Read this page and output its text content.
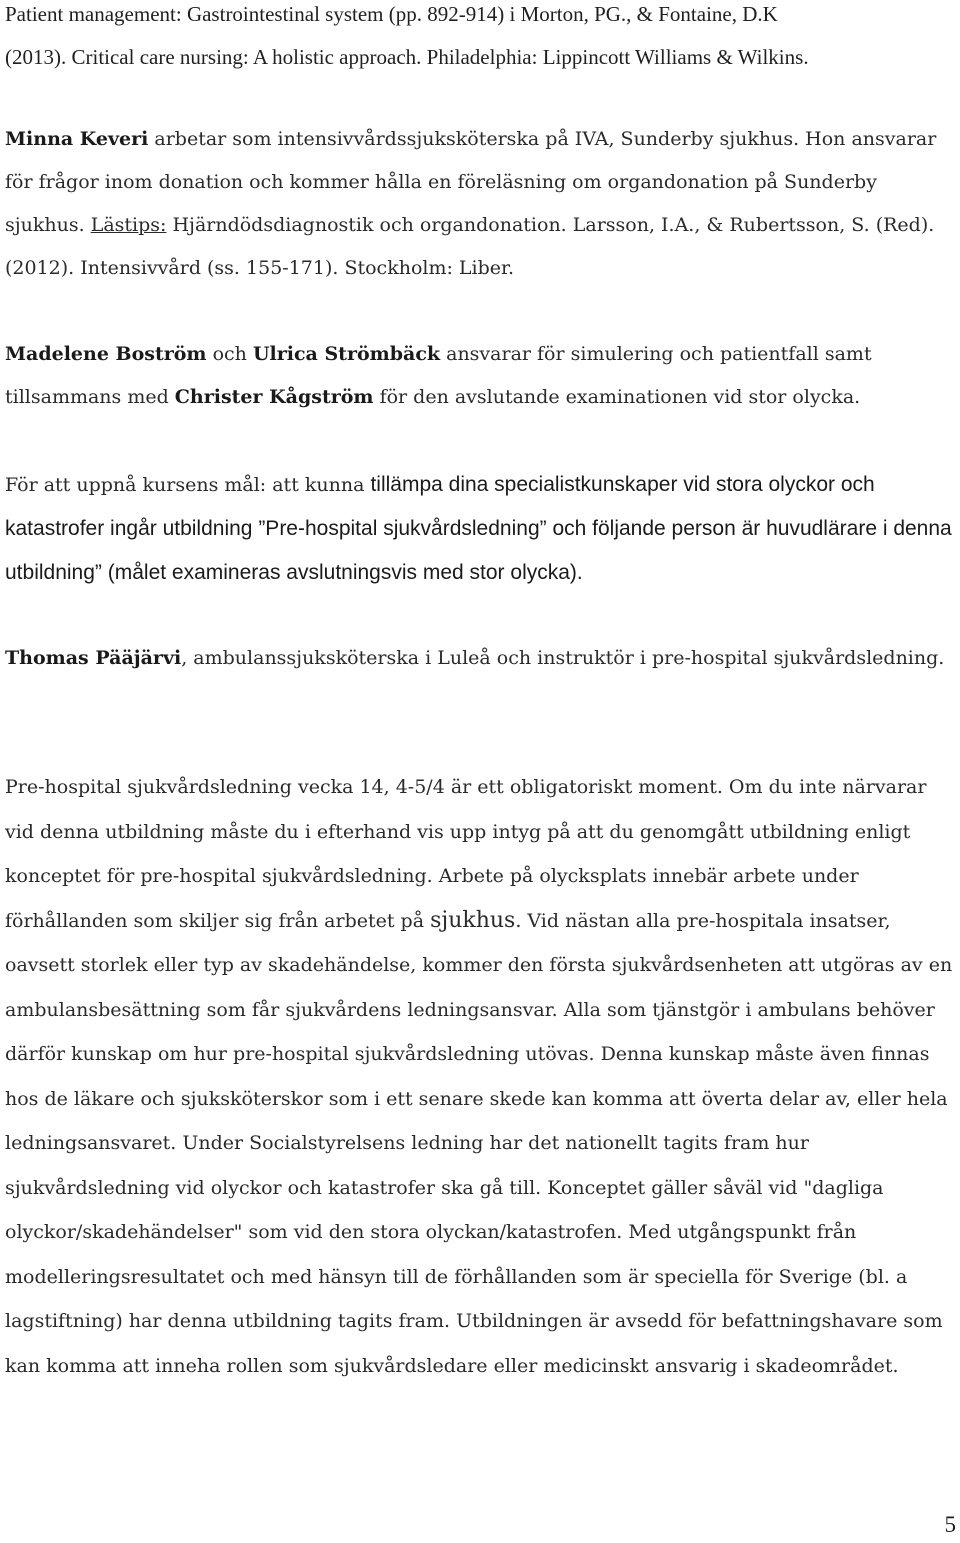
Patient management: Gastrointestinal system (pp. 892-914) i Morton, PG., & Fontaine, D.K
(2013). Critical care nursing: A holistic approach. Philadelphia: Lippincott Williams & Wilkins.

Minna Keveri arbetar som intensivvårdssjuksköterska på IVA, Sunderby sjukhus. Hon ansvarar för frågor inom donation och kommer hålla en föreläsning om organdonation på Sunderby sjukhus. Lästips: Hjärndödsdiagnostik och organdonation. Larsson, I.A., & Rubertsson, S. (Red). (2012). Intensivvård (ss. 155-171). Stockholm: Liber.

Madelene Boström och Ulrica Strömbäck ansvarar för simulering och patientfall samt tillsammans med Christer Kågström för den avslutande examinationen vid stor olycka.

För att uppnå kursens mål: att kunna tillämpa dina specialistkunskaper vid stora olyckor och katastrofer ingår utbildning ”Pre-hospital sjukvårdsledning” och följande person är huvudlärare i denna utbildning” (målet examineras avslutningsvis med stor olycka).

Thomas Pääjärvi, ambulanssjuksköterska i Luleå och instruktör i pre-hospital sjukvårdsledning.

Pre-hospital sjukvårdsledning vecka 14, 4-5/4 är ett obligatoriskt moment. Om du inte närvarar vid denna utbildning måste du i efterhand vis upp intyg på att du genomgått utbildning enligt konceptet för pre-hospital sjukvårdsledning. Arbete på olycksplats innebär arbete under förhållanden som skiljer sig från arbetet på sjukhus. Vid nästan alla pre-hospitala insatser, oavsett storlek eller typ av skadehändelse, kommer den första sjukvårdsenheten att utgöras av en ambulansbesättning som får sjukvårdens ledningsansvar. Alla som tjänstgör i ambulans behöver därför kunskap om hur pre-hospital sjukvårdsledning utövas. Denna kunskap måste även finnas hos de läkare och sjuksköterskor som i ett senare skede kan komma att överta delar av, eller hela ledningsansvaret. Under Socialstyrelsens ledning har det nationellt tagits fram hur sjukvårdsledning vid olyckor och katastrofer ska gå till. Konceptet gäller såväl vid "dagliga olyckor/skadehändelser" som vid den stora olyckan/katastrofen. Med utgångspunkt från modelleringsresultatet och med hänsyn till de förhållanden som är speciella för Sverige (bl. a lagstiftning) har denna utbildning tagits fram. Utbildningen är avsedd för befattningshavare som kan komma att inneha rollen som sjukvårdsledare eller medicinskt ansvarig i skadeområdet.

5
